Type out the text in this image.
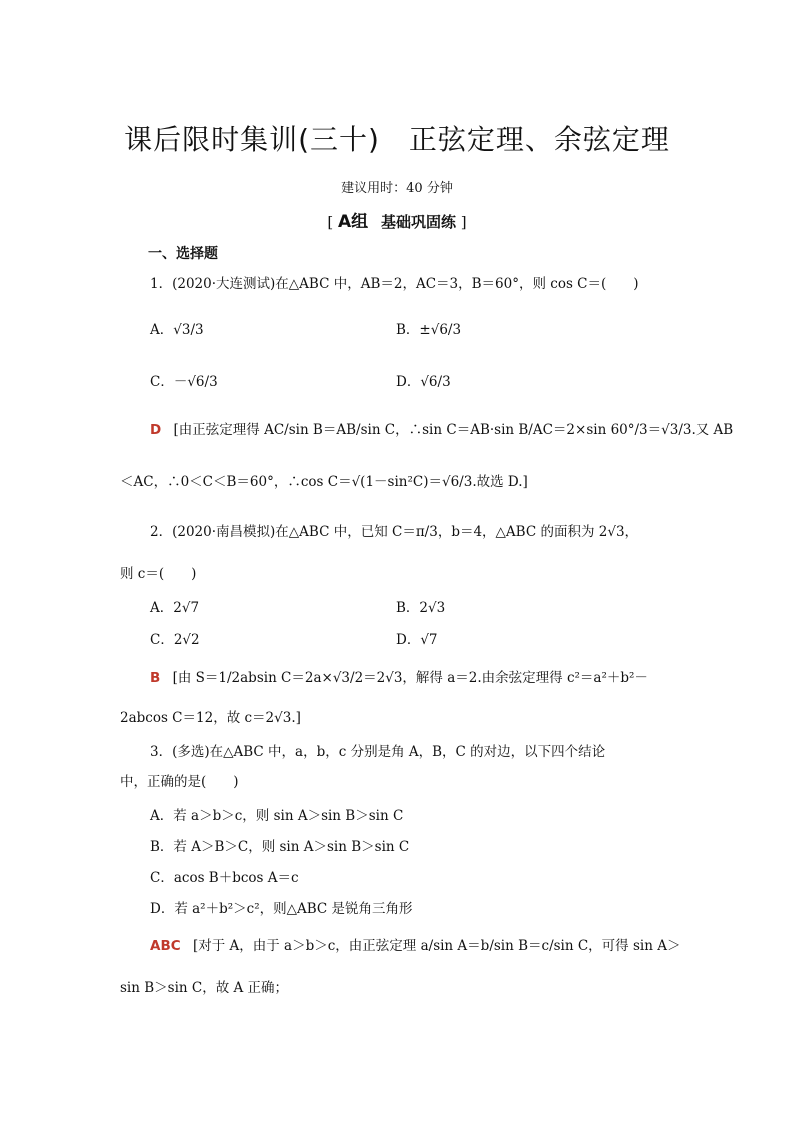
课后限时集训(三十)　正弦定理、余弦定理
建议用时：40 分钟
[ A组 基础巩固练 ]
一、选择题
1．(2020·大连测试)在△ABC 中，AB＝2，AC＝3，B＝60°，则 cos C＝(　　)
A．√3/3	B．±√6/3
C．－√6/3	D．√6/3
D [由正弦定理得 AC/sin B＝AB/sin C，∴sin C＝AB·sin B/AC＝2×sin 60°/3＝√3/3.又 AB
＜AC，∴0＜C＜B＝60°，∴cos C＝√(1－sin²C)＝√6/3.故选 D.]
2．(2020·南昌模拟)在△ABC 中，已知 C＝π/3，b＝4，△ABC 的面积为 2√3，
则 c＝(　　)
A．2√7	B．2√3
C．2√2	D．√7
B [由 S＝1/2absin C＝2a×√3/2＝2√3，解得 a＝2.由余弦定理得 c²＝a²＋b²－
2abcos C＝12，故 c＝2√3.]
3．(多选)在△ABC 中，a，b，c 分别是角 A，B，C 的对边，以下四个结论
中，正确的是(　　)
A．若 a＞b＞c，则 sin A＞sin B＞sin C
B．若 A＞B＞C，则 sin A＞sin B＞sin C
C．acos B＋bcos A＝c
D．若 a²＋b²＞c²，则△ABC 是锐角三角形
ABC [对于 A，由于 a＞b＞c，由正弦定理 a/sin A＝b/sin B＝c/sin C，可得 sin A＞
sin B＞sin C，故 A 正确；
